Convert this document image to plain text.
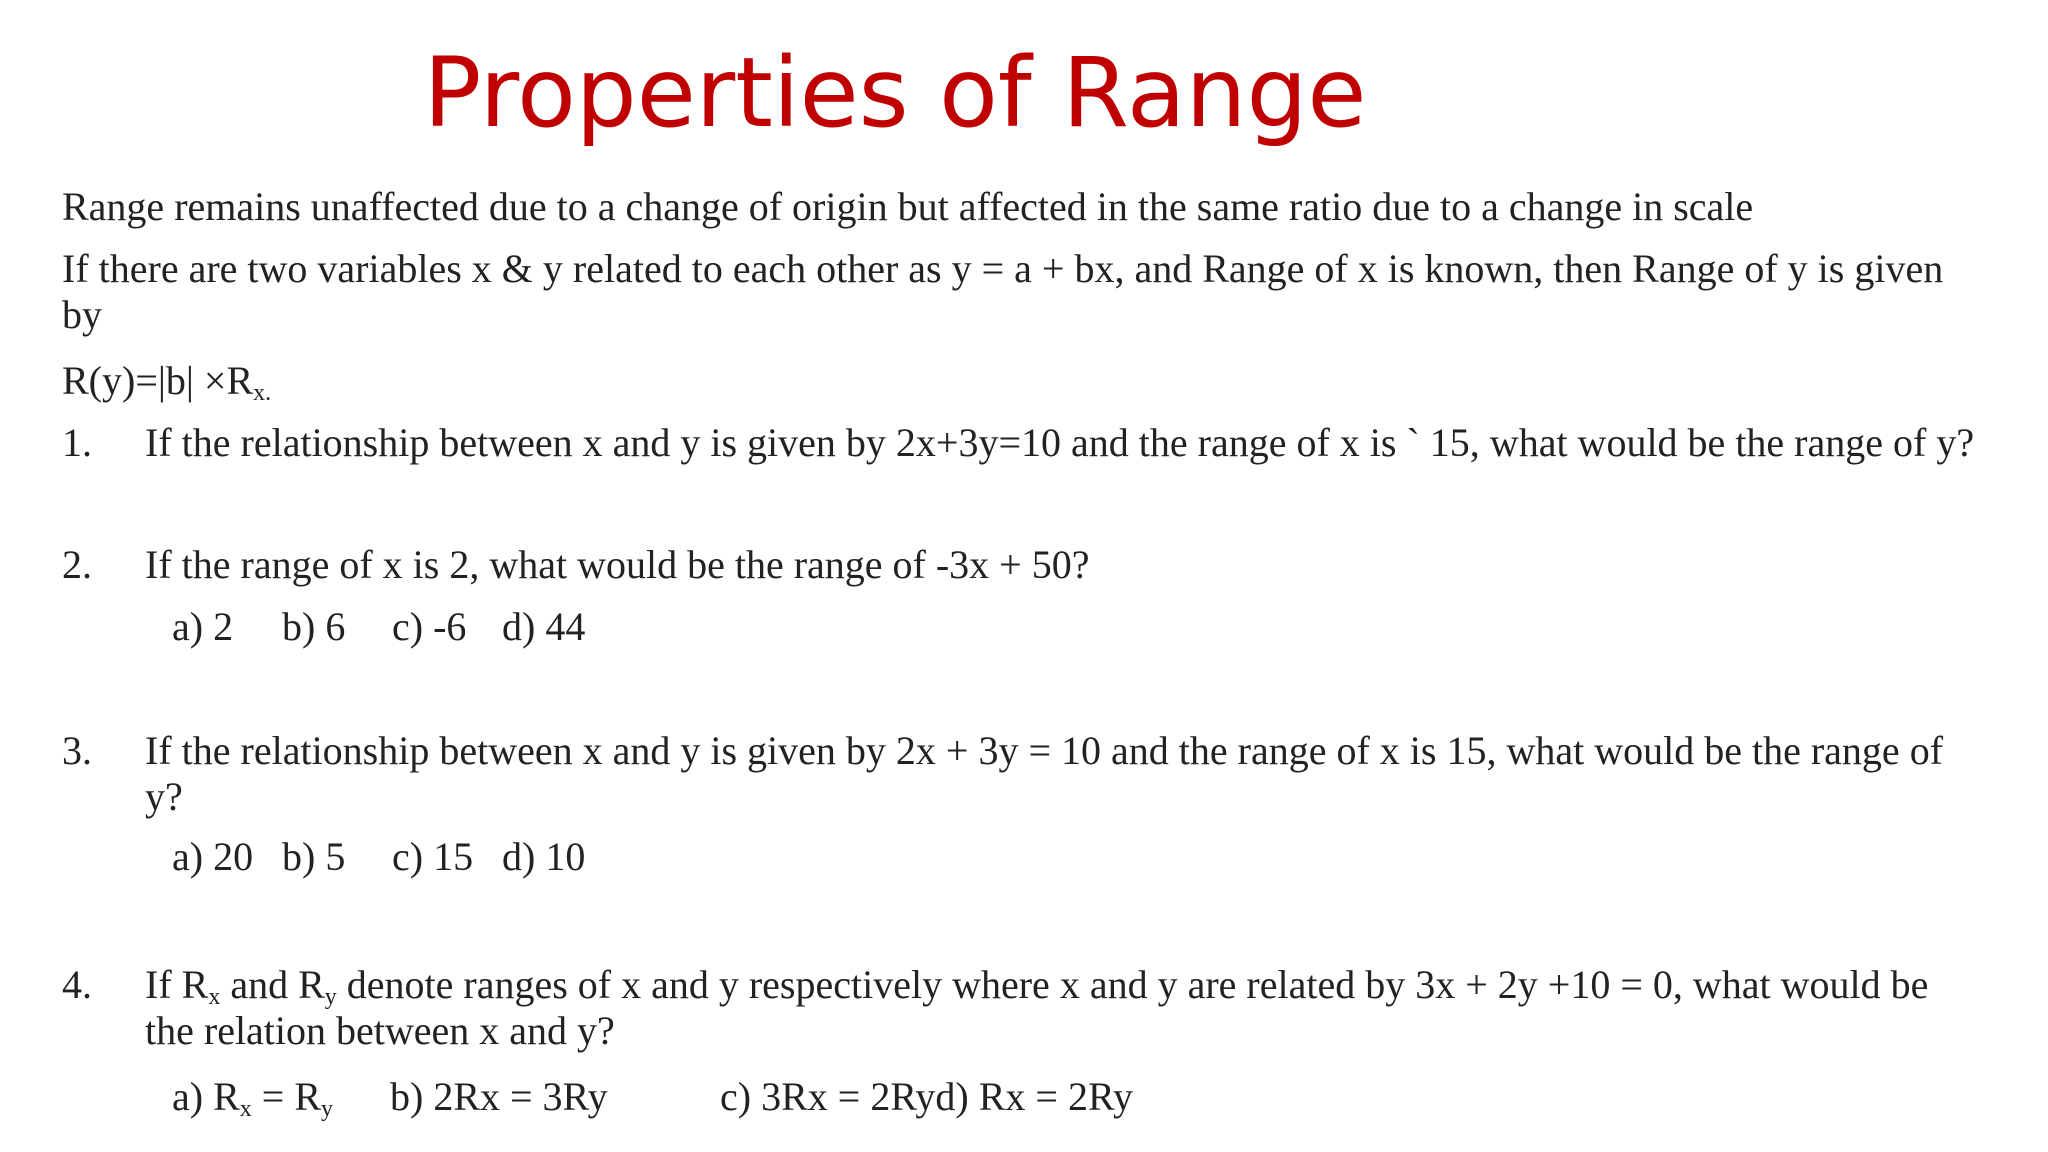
Properties of Range
Range remains unaffected due to a change of origin but affected in the same ratio due to a change in scale
If there are two variables x & y related to each other as y = a + bx, and Range of x is known, then Range of y is given
by
$R(y)=|b| \times R_{x.}$
1. If the relationship between x and y is given by 2x+3y=10 and the range of x is ` 15, what would be the range of y?
2. If the range of x is 2, what would be the range of -3x + 50?
a) 2 b) 6 c) -6 d) 44
3. If the relationship between x and y is given by 2x + 3y = 10 and the range of x is 15, what would be the range of
y?
a) 20 b) 5 c) 15 d) 10
4. If $R_x$ and $R_y$ denote ranges of x and y respectively where x and y are related by 3x + 2y +10 = 0, what would be
the relation between x and y?
a) $R_x = R_y$ b) 2Rx = 3Ry	c) 3Rx = 2Ryd) Rx = 2Ry
